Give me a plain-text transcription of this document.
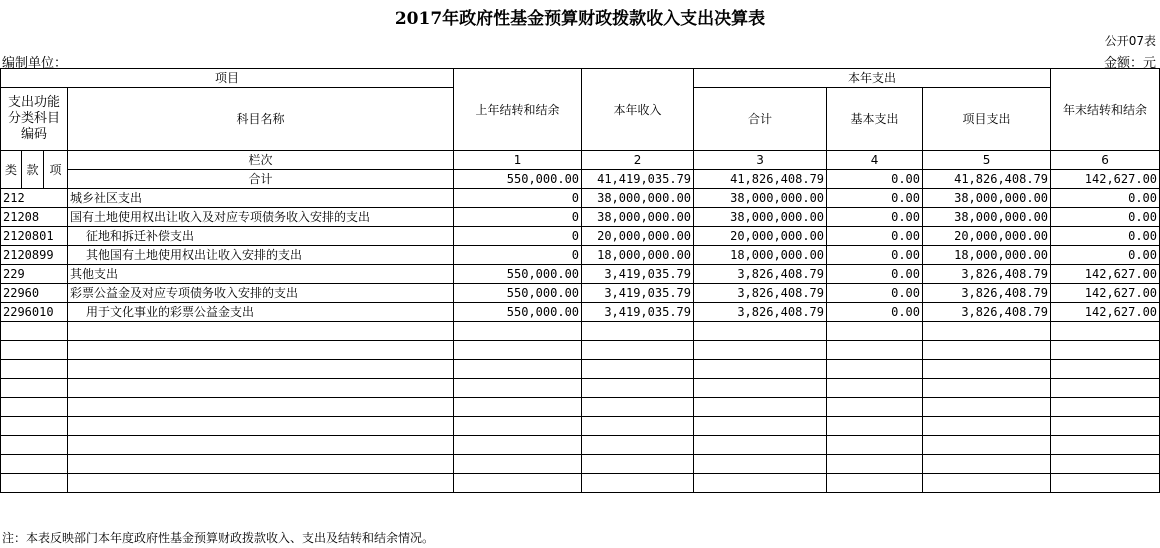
2017年政府性基金预算财政拨款收入支出决算表
公开07表
编制单位：	金额：元
项目				上年结转和结余	本年收入	本年支出			年末结转和结余
支出功能分类科目编码			科目名称			合计	基本支出	项目支出	

类	款	项	栏次	1	2	3	4	5	6
			合计	550,000.00	41,419,035.79	41,826,408.79	0.00	41,826,408.79	142,627.00
212			城乡社区支出	0	38,000,000.00	38,000,000.00	0.00	38,000,000.00	0.00
21208			国有土地使用权出让收入及对应专项债务收入安排的支出	0	38,000,000.00	38,000,000.00	0.00	38,000,000.00	0.00
2120801			征地和拆迁补偿支出	0	20,000,000.00	20,000,000.00	0.00	20,000,000.00	0.00
2120899			其他国有土地使用权出让收入安排的支出	0	18,000,000.00	18,000,000.00	0.00	18,000,000.00	0.00
229			其他支出	550,000.00	3,419,035.79	3,826,408.79	0.00	3,826,408.79	142,627.00
22960			彩票公益金及对应专项债务收入安排的支出	550,000.00	3,419,035.79	3,826,408.79	0.00	3,826,408.79	142,627.00
2296010			用于文化事业的彩票公益金支出	550,000.00	3,419,035.79	3,826,408.79	0.00	3,826,408.79	142,627.00

注：本表反映部门本年度政府性基金预算财政拨款收入、支出及结转和结余情况。
